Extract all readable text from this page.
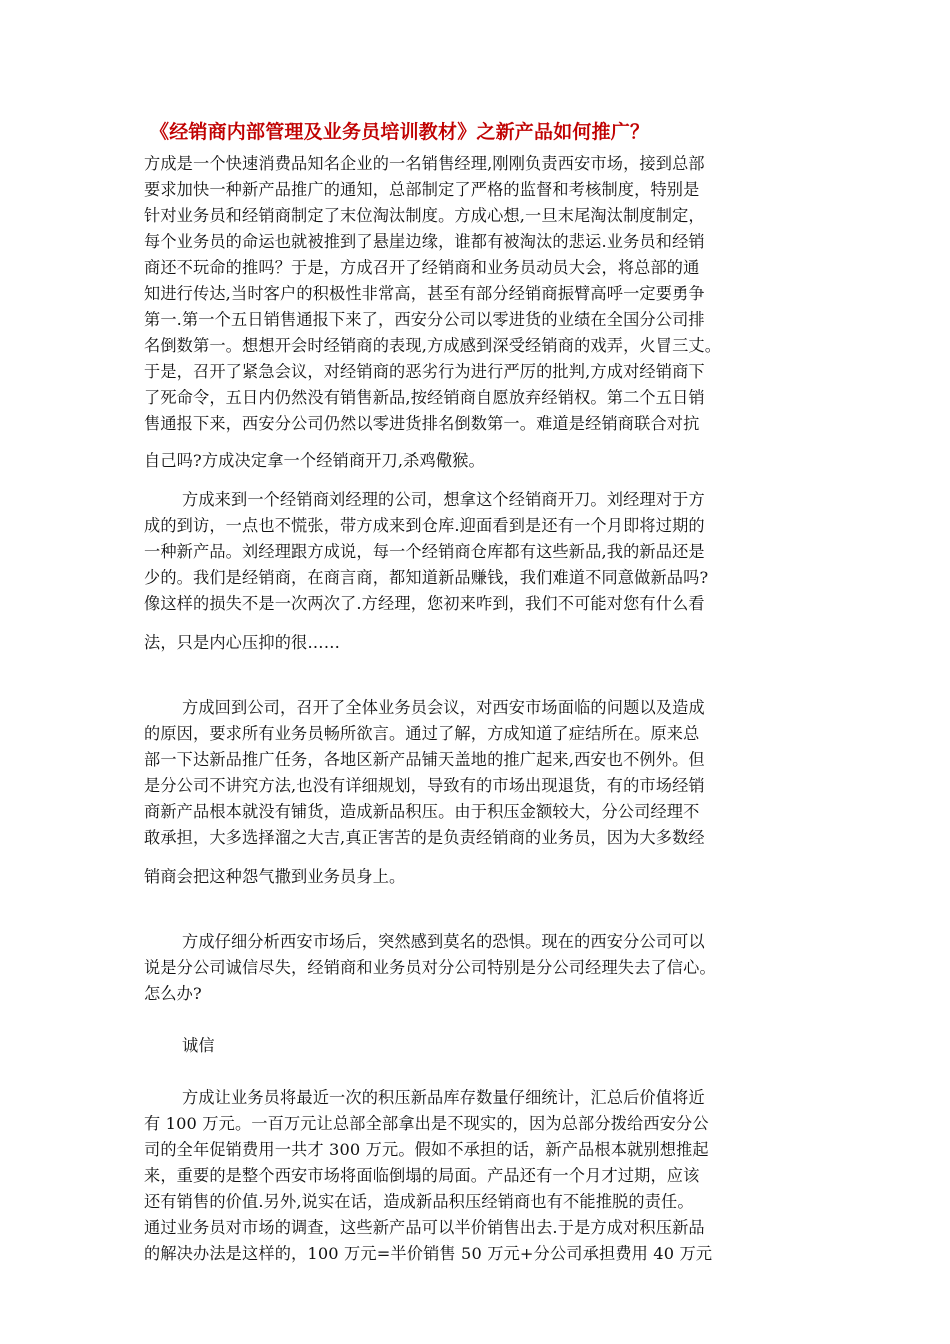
《经销商内部管理及业务员培训教材》之新产品如何推广？
方成是一个快速消费品知名企业的一名销售经理,刚刚负责西安市场，接到总部
要求加快一种新产品推广的通知，总部制定了严格的监督和考核制度，特别是
针对业务员和经销商制定了末位淘汰制度。方成心想,一旦末尾淘汰制度制定，
每个业务员的命运也就被推到了悬崖边缘，谁都有被淘汰的悲运.业务员和经销
商还不玩命的推吗？于是，方成召开了经销商和业务员动员大会，将总部的通
知进行传达,当时客户的积极性非常高，甚至有部分经销商振臂高呼一定要勇争
第一.第一个五日销售通报下来了，西安分公司以零进货的业绩在全国分公司排
名倒数第一。想想开会时经销商的表现,方成感到深受经销商的戏弄，火冒三丈。
于是，召开了紧急会议，对经销商的恶劣行为进行严厉的批判,方成对经销商下
了死命令，五日内仍然没有销售新品,按经销商自愿放弃经销权。第二个五日销
售通报下来，西安分公司仍然以零进货排名倒数第一。难道是经销商联合对抗
自己吗?方成决定拿一个经销商开刀,杀鸡儆猴。
方成来到一个经销商刘经理的公司，想拿这个经销商开刀。刘经理对于方
成的到访，一点也不慌张，带方成来到仓库.迎面看到是还有一个月即将过期的
一种新产品。刘经理跟方成说，每一个经销商仓库都有这些新品,我的新品还是
少的。我们是经销商，在商言商，都知道新品赚钱，我们难道不同意做新品吗?
像这样的损失不是一次两次了.方经理，您初来咋到，我们不可能对您有什么看
法，只是内心压抑的很……
方成回到公司，召开了全体业务员会议，对西安市场面临的问题以及造成
的原因，要求所有业务员畅所欲言。通过了解，方成知道了症结所在。原来总
部一下达新品推广任务，各地区新产品铺天盖地的推广起来,西安也不例外。但
是分公司不讲究方法,也没有详细规划，导致有的市场出现退货，有的市场经销
商新产品根本就没有铺货，造成新品积压。由于积压金额较大，分公司经理不
敢承担，大多选择溜之大吉,真正害苦的是负责经销商的业务员，因为大多数经
销商会把这种怨气撒到业务员身上。
方成仔细分析西安市场后，突然感到莫名的恐惧。现在的西安分公司可以
说是分公司诚信尽失，经销商和业务员对分公司特别是分公司经理失去了信心。
怎么办?
诚信
方成让业务员将最近一次的积压新品库存数量仔细统计，汇总后价值将近
有 100 万元。一百万元让总部全部拿出是不现实的，因为总部分拨给西安分公
司的全年促销费用一共才 300 万元。假如不承担的话，新产品根本就别想推起
来，重要的是整个西安市场将面临倒塌的局面。产品还有一个月才过期，应该
还有销售的价值.另外,说实在话，造成新品积压经销商也有不能推脱的责任。
通过业务员对市场的调查，这些新产品可以半价销售出去.于是方成对积压新品
的解决办法是这样的，100 万元=半价销售 50 万元+分公司承担费用 40 万元
